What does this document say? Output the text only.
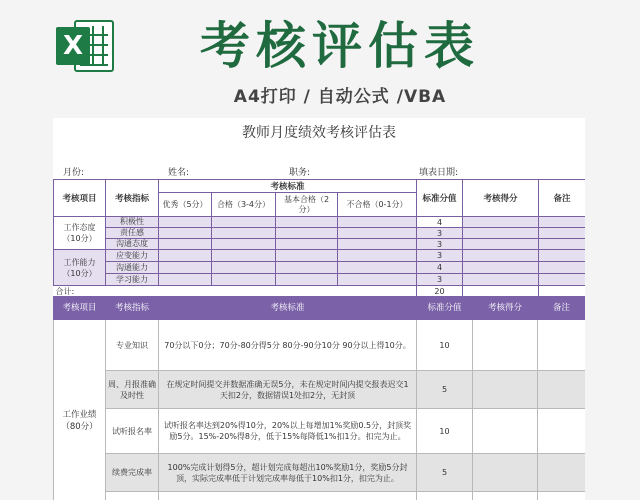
X	考核评估表
A4打印 / 自动公式 /VBA
教师月度绩效考核评估表
月份:	姓名:	职务:	填表日期:
考核项目	考核指标	考核标准				标准分值	考核得分	备注
		优秀（5分）	合格（3-4分）	基本合格（2分）	不合格（0-1分）			
工作态度（10分）	积极性					4		
	责任感					3		
	沟通态度					3		
工作能力（10分）	应变能力					3		
	沟通能力					4		
	学习能力					3		
合计:						20		
考核项目	考核指标	考核标准	标准分值	考核得分	备注
工作业绩（80分）	专业知识	70分以下0分；70分-80分得5分 80分-90分10分 90分以上得10分。	10		
	周、月报准确及时性	在规定时间提交并数据准确无误5分，未在规定时间内提交报表迟交1天扣2分，数据错误1处扣2分，无封顶	5		
	试听报名率	试听报名率达到20%得10分，20%以上每增加1%奖励0.5分，封顶奖励5分。15%-20%得8分，低于15%每降低1%扣1分。扣完为止。	10		
	续费完成率	100%完成计划得5分，超计划完成每超出10%奖励1分，奖励5分封顶，实际完成率低于计划完成率每低于10%扣1分，扣完为止。	5		
